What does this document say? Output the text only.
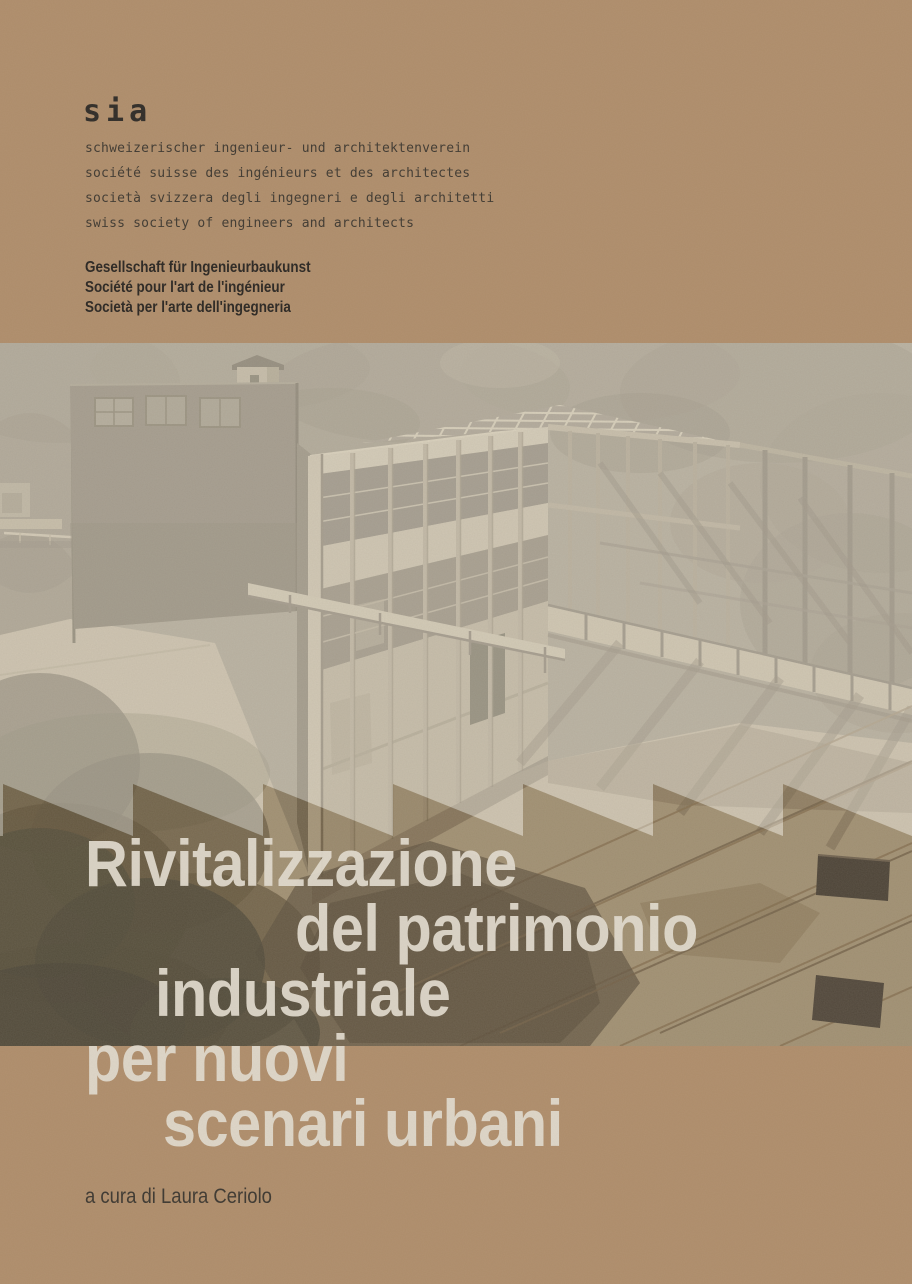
sia
schweizerischer ingenieur- und architektenverein
société suisse des ingénieurs et des architectes
società svizzera degli ingegneri e degli architetti
swiss society of engineers and architects
Gesellschaft für Ingenieurbaukunst
Société pour l'art de l'ingénieur
Società per l'arte dell'ingegneria
Rivitalizzazione
del patrimonio
industriale
per nuovi
scenari urbani
a cura di Laura Ceriolo
